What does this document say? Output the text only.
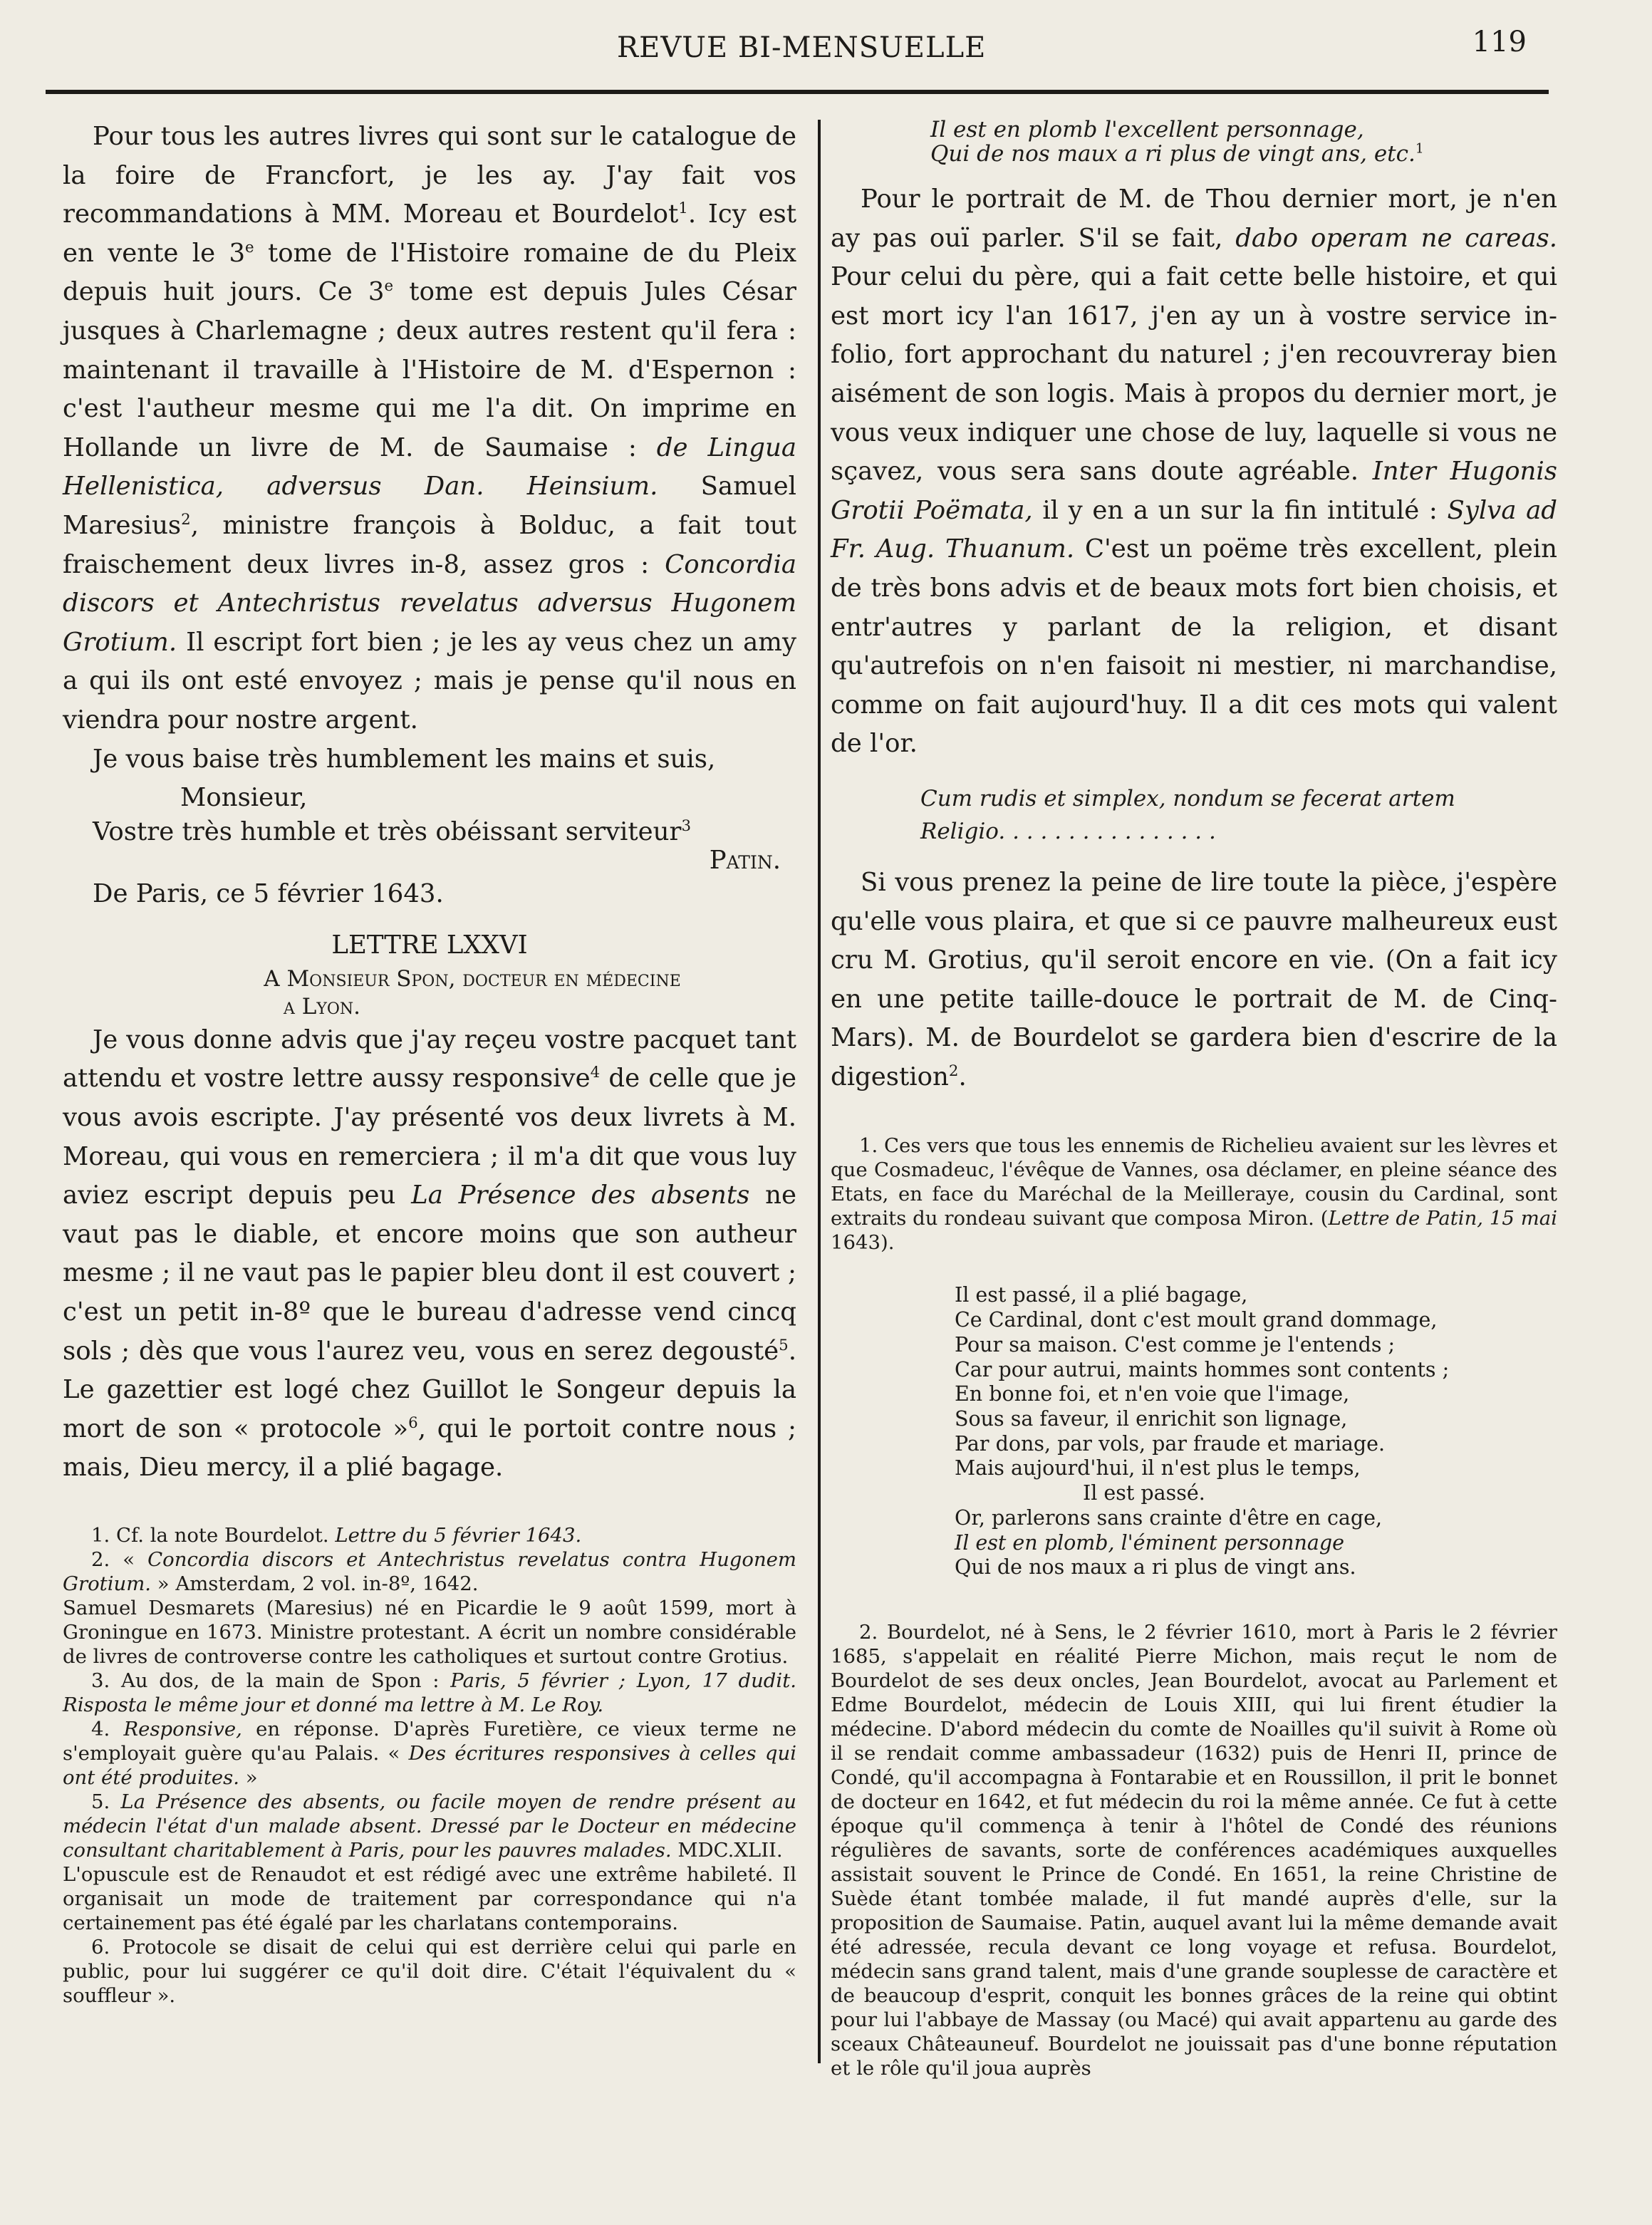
REVUE BI-MENSUELLE	119

Pour tous les autres livres qui sont sur le catalogue de la foire de Francfort, je les ay. J'ay fait vos recommandations à MM. Moreau et Bourdelot$^1$. Icy est en vente le 3e tome de l'Histoire romaine de du Pleix depuis huit jours. Ce 3e tome est depuis Jules César jusques à Charlemagne ; deux autres restent qu'il fera : maintenant il travaille à l'Histoire de M. d'Espernon : c'est l'autheur mesme qui me l'a dit. On imprime en Hollande un livre de M. de Saumaise : de Lingua Hellenistica, adversus Dan. Heinsium. Samuel Maresius$^2$, ministre françois à Bolduc, a fait tout fraischement deux livres in-8, assez gros : Concordia discors et Antechristus revelatus adversus Hugonem Grotium. Il escript fort bien ; je les ay veus chez un amy a qui ils ont esté envoyez ; mais je pense qu'il nous en viendra pour nostre argent.

Je vous baise très humblement les mains et suis,

Monsieur,

Vostre très humble et très obéissant serviteur$^3$

Patin.

De Paris, ce 5 février 1643.

LETTRE LXXVI

A Monsieur Spon, docteur en médecine

a Lyon.

Je vous donne advis que j'ay reçeu vostre pacquet tant attendu et vostre lettre aussy responsive$^4$ de celle que je vous avois escripte. J'ay présenté vos deux livrets à M. Moreau, qui vous en remerciera ; il m'a dit que vous luy aviez escript depuis peu La Présence des absents ne vaut pas le diable, et encore moins que son autheur mesme ; il ne vaut pas le papier bleu dont il est couvert ; c'est un petit in-8º que le bureau d'adresse vend cincq sols ; dès que vous l'aurez veu, vous en serez degousté$^5$. Le gazettier est logé chez Guillot le Songeur depuis la mort de son « protocole »$^6$, qui le portoit contre nous ; mais, Dieu mercy, il a plié bagage.

1. Cf. la note Bourdelot. Lettre du 5 février 1643.

2. « Concordia discors et Antechristus revelatus contra Hugonem Grotium. » Amsterdam, 2 vol. in-8º, 1642.

Samuel Desmarets (Maresius) né en Picardie le 9 août 1599, mort à Groningue en 1673. Ministre protestant. A écrit un nombre considérable de livres de controverse contre les catholiques et surtout contre Grotius.

3. Au dos, de la main de Spon : Paris, 5 février ; Lyon, 17 dudit. Risposta le même jour et donné ma lettre à M. Le Roy.

4. Responsive, en réponse. D'après Furetière, ce vieux terme ne s'employait guère qu'au Palais. « Des écritures responsives à celles qui ont été produites. »

5. La Présence des absents, ou facile moyen de rendre présent au médecin l'état d'un malade absent. Dressé par le Docteur en médecine consultant charitablement à Paris, pour les pauvres malades. MDC.XLII.

L'opuscule est de Renaudot et est rédigé avec une extrême habileté. Il organisait un mode de traitement par correspondance qui n'a certainement pas été égalé par les charlatans contemporains.

6. Protocole se disait de celui qui est derrière celui qui parle en public, pour lui suggérer ce qu'il doit dire. C'était l'équivalent du « souffleur ».

Il est en plomb l'excellent personnage,

Qui de nos maux a ri plus de vingt ans, etc.$^1$

Pour le portrait de M. de Thou dernier mort, je n'en ay pas ouï parler. S'il se fait, dabo operam ne careas. Pour celui du père, qui a fait cette belle histoire, et qui est mort icy l'an 1617, j'en ay un à vostre service in-folio, fort approchant du naturel ; j'en recouvreray bien aisément de son logis. Mais à propos du dernier mort, je vous veux indiquer une chose de luy, laquelle si vous ne sçavez, vous sera sans doute agréable. Inter Hugonis Grotii Poëmata, il y en a un sur la fin intitulé : Sylva ad Fr. Aug. Thuanum. C'est un poëme très excellent, plein de très bons advis et de beaux mots fort bien choisis, et entr'autres y parlant de la religion, et disant qu'autrefois on n'en faisoit ni mestier, ni marchandise, comme on fait aujourd'huy. Il a dit ces mots qui valent de l'or.

Cum rudis et simplex, nondum se fecerat artem

Religio. . . . . . . . . . . . . . . .

Si vous prenez la peine de lire toute la pièce, j'espère qu'elle vous plaira, et que si ce pauvre malheureux eust cru M. Grotius, qu'il seroit encore en vie. (On a fait icy en une petite taille-douce le portrait de M. de Cinq-Mars). M. de Bourdelot se gardera bien d'escrire de la digestion$^2$.

1. Ces vers que tous les ennemis de Richelieu avaient sur les lèvres et que Cosmadeuc, l'évêque de Vannes, osa déclamer, en pleine séance des Etats, en face du Maréchal de la Meilleraye, cousin du Cardinal, sont extraits du rondeau suivant que composa Miron. (Lettre de Patin, 15 mai 1643).

Il est passé, il a plié bagage,

Ce Cardinal, dont c'est moult grand dommage,

Pour sa maison. C'est comme je l'entends ;

Car pour autrui, maints hommes sont contents ;

En bonne foi, et n'en voie que l'image,

Sous sa faveur, il enrichit son lignage,

Par dons, par vols, par fraude et mariage.

Mais aujourd'hui, il n'est plus le temps,

Il est passé.

Or, parlerons sans crainte d'être en cage,

Il est en plomb, l'éminent personnage

Qui de nos maux a ri plus de vingt ans.

2. Bourdelot, né à Sens, le 2 février 1610, mort à Paris le 2 février 1685, s'appelait en réalité Pierre Michon, mais reçut le nom de Bourdelot de ses deux oncles, Jean Bourdelot, avocat au Parlement et Edme Bourdelot, médecin de Louis XIII, qui lui firent étudier la médecine. D'abord médecin du comte de Noailles qu'il suivit à Rome où il se rendait comme ambassadeur (1632) puis de Henri II, prince de Condé, qu'il accompagna à Fontarabie et en Roussillon, il prit le bonnet de docteur en 1642, et fut médecin du roi la même année. Ce fut à cette époque qu'il commença à tenir à l'hôtel de Condé des réunions régulières de savants, sorte de conférences académiques auxquelles assistait souvent le Prince de Condé. En 1651, la reine Christine de Suède étant tombée malade, il fut mandé auprès d'elle, sur la proposition de Saumaise. Patin, auquel avant lui la même demande avait été adressée, recula devant ce long voyage et refusa. Bourdelot, médecin sans grand talent, mais d'une grande souplesse de caractère et de beaucoup d'esprit, conquit les bonnes grâces de la reine qui obtint pour lui l'abbaye de Massay (ou Macé) qui avait appartenu au garde des sceaux Châteauneuf. Bourdelot ne jouissait pas d'une bonne réputation et le rôle qu'il joua auprès
